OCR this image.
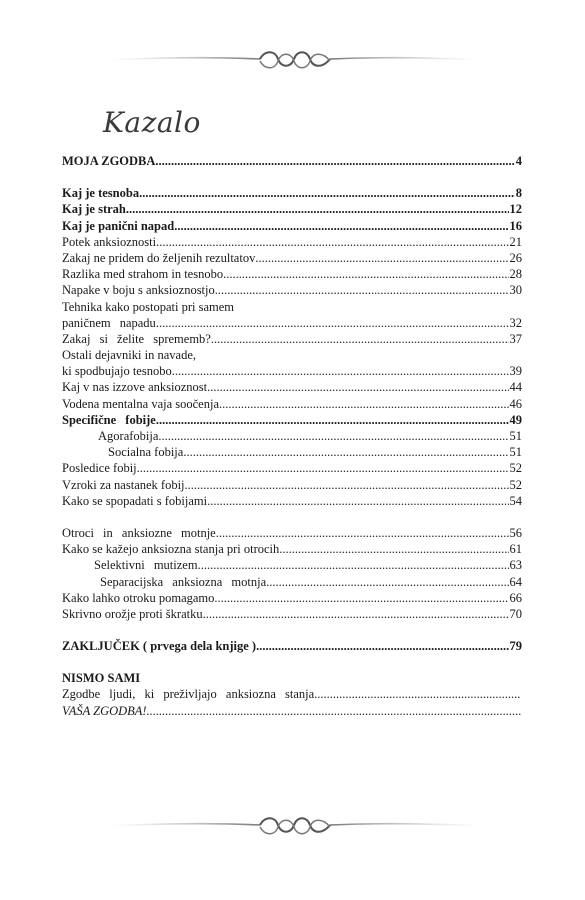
Kazalo
MOJA ZGODBA .....	4
Kaj je tesnoba .....	8
Kaj je strah .....	12
Kaj je panični napad .....	16
Potek anksioznosti .....	21
Zakaj ne pridem do željenih rezultatov .....	26
Razlika med strahom in tesnobo .....	28
Napake v boju s anksioznostjo .....	30
Tehnika kako postopati pri samem
paničnem napadu .....	32
Zakaj si želite sprememb? .....	37
Ostali dejavniki in navade,
ki spodbujajo tesnobo .....	39
Kaj v nas izzove anksioznost .....	44
Vodena mentalna vaja soočenja .....	46
Specifične fobije .....	49
Agorafobija .....	51
Socialna fobija .....	51
Posledice fobij .....	52
Vzroki za nastanek fobij .....	52
Kako se spopadati s fobijami .....	54
Otroci in anksiozne motnje .....	56
Kako se kažejo anksiozna stanja pri otrocih .....	61
Selektivni mutizem .....	63
Separacijska anksiozna motnja .....	64
Kako lahko otroku pomagamo .....	66
Skrivno orožje proti škratku .....	70
ZAKLJUČEK ( prvega dela knjige ) .....	79
NISMO SAMI
Zgodbe ljudi, ki preživljajo anksiozna stanja
.....
VAŠA ZGODBA!
.....
